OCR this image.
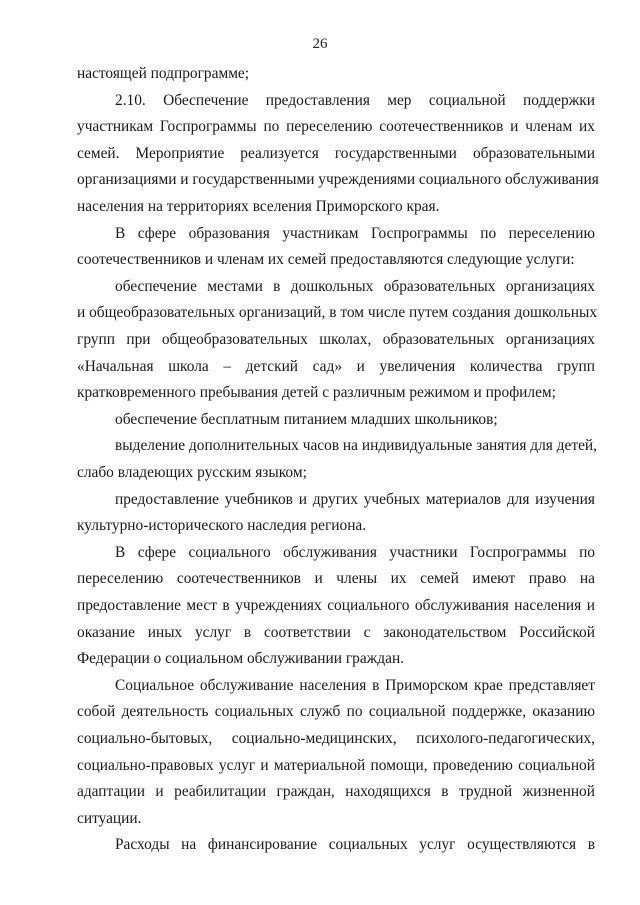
26
настоящей подпрограмме;
2.10. Обеспечение предоставления мер социальной поддержки
участникам Госпрограммы по переселению соотечественников и членам их
семей. Мероприятие реализуется государственными образовательными
организациями и государственными учреждениями социального обслуживания
населения на территориях вселения Приморского края.
В сфере образования участникам Госпрограммы по переселению
соотечественников и членам их семей предоставляются следующие услуги:
обеспечение местами в дошкольных образовательных организациях
и общеобразовательных организаций, в том числе путем создания дошкольных
групп при общеобразовательных школах, образовательных организациях
«Начальная школа – детский сад» и увеличения количества групп
кратковременного пребывания детей с различным режимом и профилем;
обеспечение бесплатным питанием младших школьников;
выделение дополнительных часов на индивидуальные занятия для детей,
слабо владеющих русским языком;
предоставление учебников и других учебных материалов для изучения
культурно-исторического наследия региона.
В сфере социального обслуживания участники Госпрограммы по
переселению соотечественников и члены их семей имеют право на
предоставление мест в учреждениях социального обслуживания населения и
оказание иных услуг в соответствии с законодательством Российской
Федерации о социальном обслуживании граждан.
Социальное обслуживание населения в Приморском крае представляет
собой деятельность социальных служб по социальной поддержке, оказанию
социально-бытовых, социально-медицинских, психолого-педагогических,
социально-правовых услуг и материальной помощи, проведению социальной
адаптации и реабилитации граждан, находящихся в трудной жизненной
ситуации.
Расходы на финансирование социальных услуг осуществляются в
